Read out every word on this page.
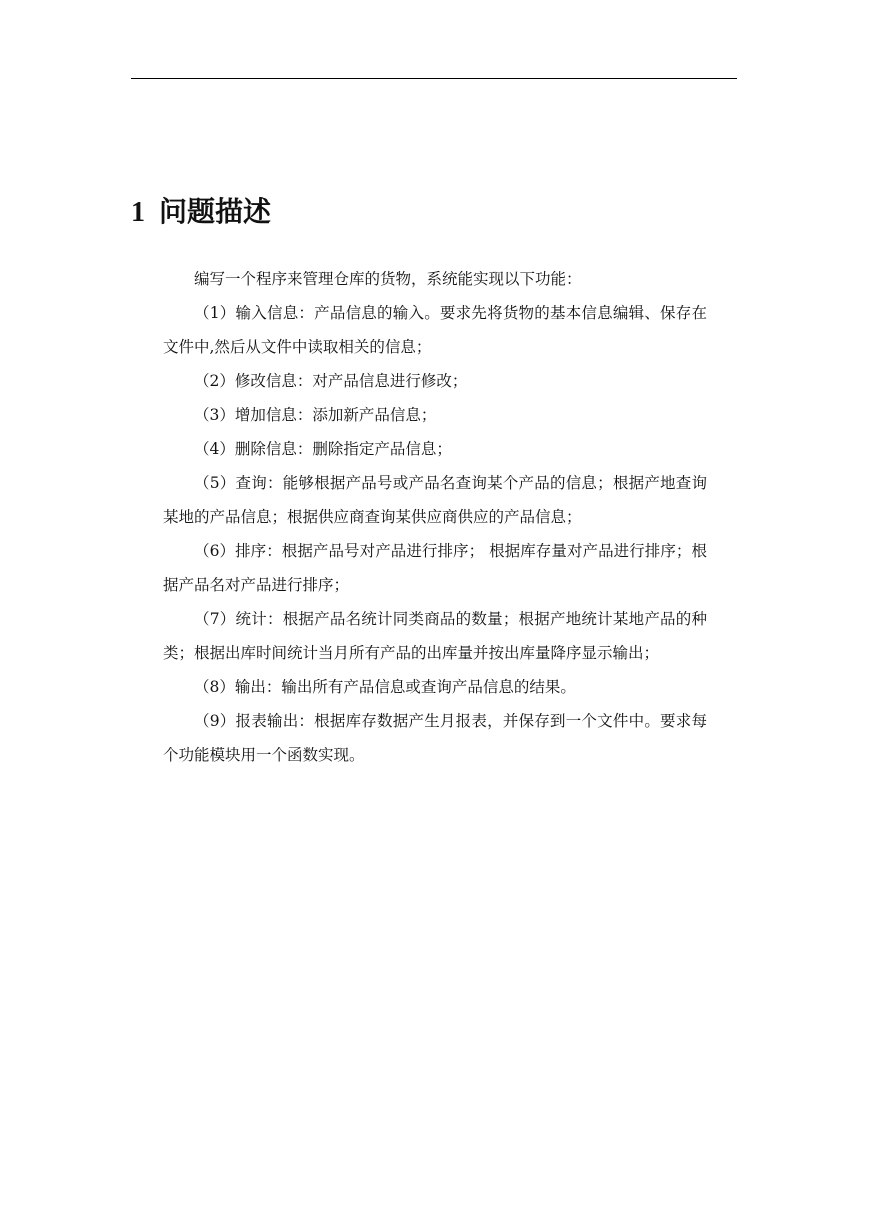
1 问题描述

编写一个程序来管理仓库的货物，系统能实现以下功能：

（1）输入信息：产品信息的输入。要求先将货物的基本信息编辑、保存在文件中,然后从文件中读取相关的信息；

（2）修改信息：对产品信息进行修改；

（3）增加信息：添加新产品信息；

（4）删除信息：删除指定产品信息；

（5）查询：能够根据产品号或产品名查询某个产品的信息；根据产地查询某地的产品信息；根据供应商查询某供应商供应的产品信息；

（6）排序：根据产品号对产品进行排序； 根据库存量对产品进行排序；根据产品名对产品进行排序；

（7）统计：根据产品名统计同类商品的数量；根据产地统计某地产品的种类；根据出库时间统计当月所有产品的出库量并按出库量降序显示输出；

（8）输出：输出所有产品信息或查询产品信息的结果。

（9）报表输出：根据库存数据产生月报表，并保存到一个文件中。要求每个功能模块用一个函数实现。
